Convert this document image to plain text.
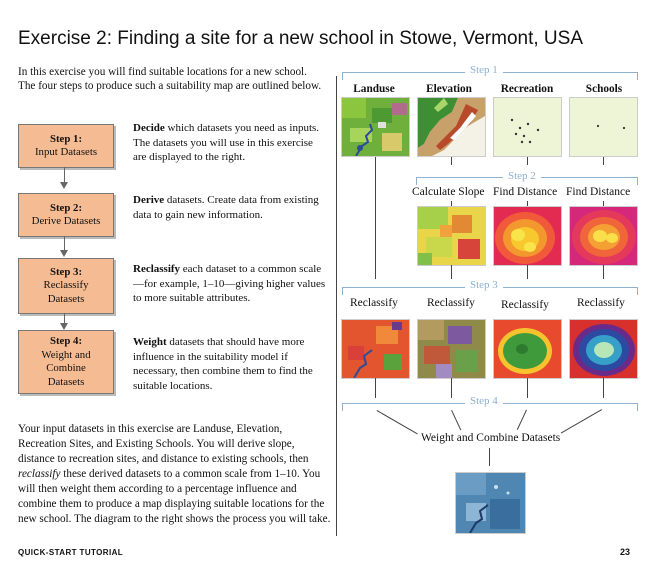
Exercise 2: Finding a site for a new school in Stowe, Vermont, USA

In this exercise you will find suitable locations for a new school. The four steps to produce such a suitability map are outlined below.

Step 1:
Input Datasets
Step 2:
Derive Datasets
Step 3:
Reclassify Datasets
Step 4:
Weight and Combine Datasets

Decide which datasets you need as inputs. The datasets you will use in this exercise are displayed to the right.

Derive datasets. Create data from existing data to gain new information.

Reclassify each dataset to a common scale—for example, 1–10—giving higher values to more suitable attributes.

Weight datasets that should have more influence in the suitability model if necessary, then combine them to find the suitable locations.

Your input datasets in this exercise are Landuse, Elevation, Recreation Sites, and Existing Schools. You will derive slope, distance to recreation sites, and distance to existing schools, then reclassify these derived datasets to a common scale from 1–10. You will then weight them according to a percentage influence and combine them to produce a map displaying suitable locations for the new school. The diagram to the right shows the process you will take.

Step 1
Landuse	Elevation	Recreation	Schools
Step 2
Calculate Slope Find Distance Find Distance
Step 3
Reclassify	Reclassify Reclassify Reclassify
Step 4
Weight and Combine Datasets
QUICK-START TUTORIAL	23
